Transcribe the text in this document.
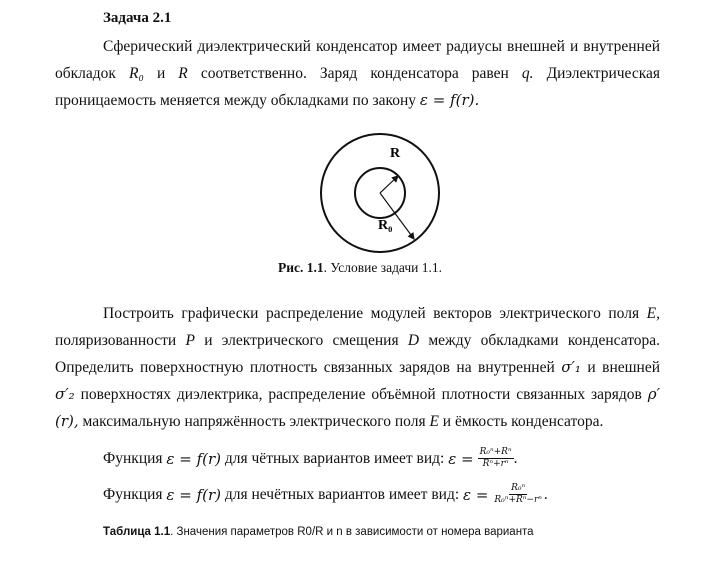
Задача 2.1
Сферический диэлектрический конденсатор имеет радиусы внешней и внутренней обкладок R₀ и R соответственно. Заряд конденсатора равен q. Диэлектрическая проницаемость меняется между обкладками по закону ε = f(r).
R
R₀
Рис. 1.1. Условие задачи 1.1.
Построить графически распределение модулей векторов электрического поля E, поляризованности P и электрического смещения D между обкладками конденсатора. Определить поверхностную плотность связанных зарядов на внутренней σ′₁ и внешней σ′₂ поверхностях диэлектрика, распределение объёмной плотности связанных зарядов ρ′(r), максимальную напряжённость электрического поля E и ёмкость конденсатора.
Функция
ε = f(r)
для чётных вариантов имеет вид:
$\varepsilon = \frac{\text{R₀ⁿ+Rⁿ}}{\text{Rⁿ+rⁿ}}$ .
Функция
ε = f(r)
для нечётных вариантов имеет вид:
$\varepsilon = \frac{\text{R₀ⁿ}}{\text{R₀ⁿ+Rⁿ−rⁿ}}$ .
Таблица 1.1. Значения параметров R0/R и n в зависимости от номера варианта
